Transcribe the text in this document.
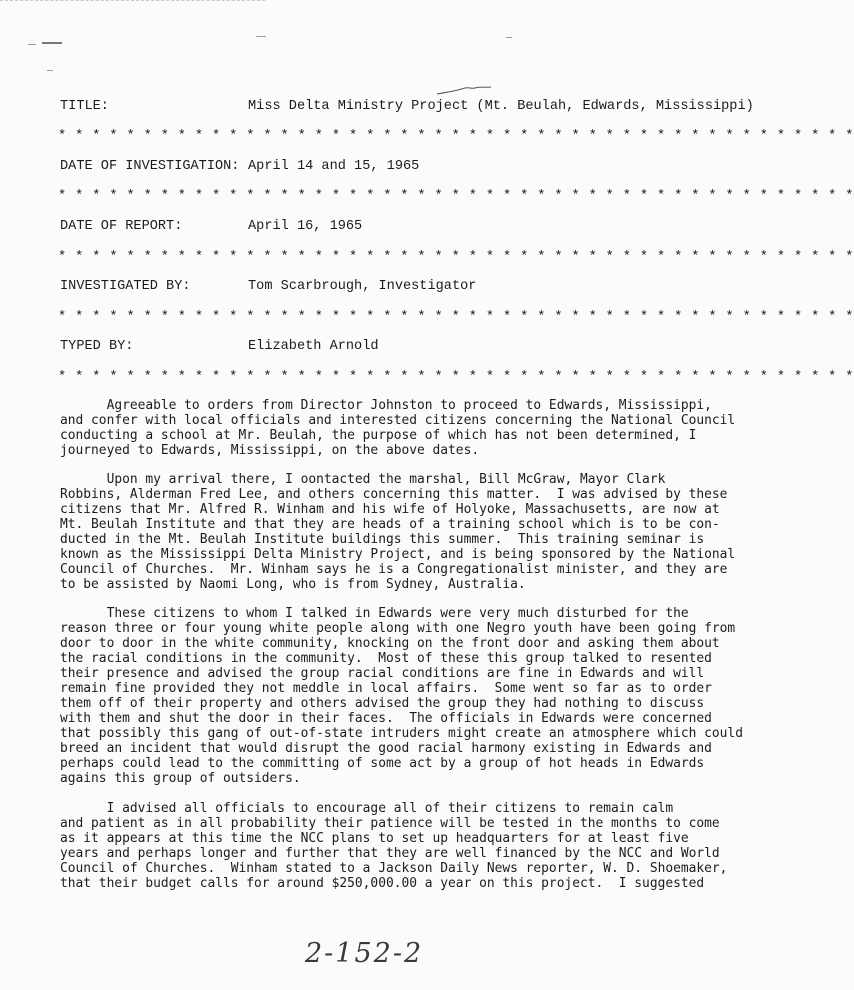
TITLE:	Miss Delta Ministry Project (Mt. Beulah, Edwards, Mississippi)
* * * * * * * * * * * * * * * * * * * * * * * * * * * * * * * * * * * * * * * * * * * * * * *
DATE OF INVESTIGATION: April 14 and 15, 1965
* * * * * * * * * * * * * * * * * * * * * * * * * * * * * * * * * * * * * * * * * * * * * * *
DATE OF REPORT:	April 16, 1965
* * * * * * * * * * * * * * * * * * * * * * * * * * * * * * * * * * * * * * * * * * * * * * *
INVESTIGATED BY:	Tom Scarbrough, Investigator
* * * * * * * * * * * * * * * * * * * * * * * * * * * * * * * * * * * * * * * * * * * * * * *
TYPED BY:	Elizabeth Arnold
* * * * * * * * * * * * * * * * * * * * * * * * * * * * * * * * * * * * * * * * * * * * * * *
Agreeable to orders from Director Johnston to proceed to Edwards, Mississippi,
and confer with local officials and interested citizens concerning the National Council
conducting a school at Mr. Beulah, the purpose of which has not been determined, I
journeyed to Edwards, Mississippi, on the above dates.
Upon my arrival there, I oontacted the marshal, Bill McGraw, Mayor Clark
Robbins, Alderman Fred Lee, and others concerning this matter.  I was advised by these
citizens that Mr. Alfred R. Winham and his wife of Holyoke, Massachusetts, are now at
Mt. Beulah Institute and that they are heads of a training school which is to be con-
ducted in the Mt. Beulah Institute buildings this summer.  This training seminar is
known as the Mississippi Delta Ministry Project, and is being sponsored by the National
Council of Churches.  Mr. Winham says he is a Congregationalist minister, and they are
to be assisted by Naomi Long, who is from Sydney, Australia.
These citizens to whom I talked in Edwards were very much disturbed for the
reason three or four young white people along with one Negro youth have been going from
door to door in the white community, knocking on the front door and asking them about
the racial conditions in the community.  Most of these this group talked to resented
their presence and advised the group racial conditions are fine in Edwards and will
remain fine provided they not meddle in local affairs.  Some went so far as to order
them off of their property and others advised the group they had nothing to discuss
with them and shut the door in their faces.  The officials in Edwards were concerned
that possibly this gang of out-of-state intruders might create an atmosphere which could
breed an incident that would disrupt the good racial harmony existing in Edwards and
perhaps could lead to the committing of some act by a group of hot heads in Edwards
agains this group of outsiders.
I advised all officials to encourage all of their citizens to remain calm
and patient as in all probability their patience will be tested in the months to come
as it appears at this time the NCC plans to set up headquarters for at least five
years and perhaps longer and further that they are well financed by the NCC and World
Council of Churches.  Winham stated to a Jackson Daily News reporter, W. D. Shoemaker,
that their budget calls for around $250,000.00 a year on this project.  I suggested
2-152-2
